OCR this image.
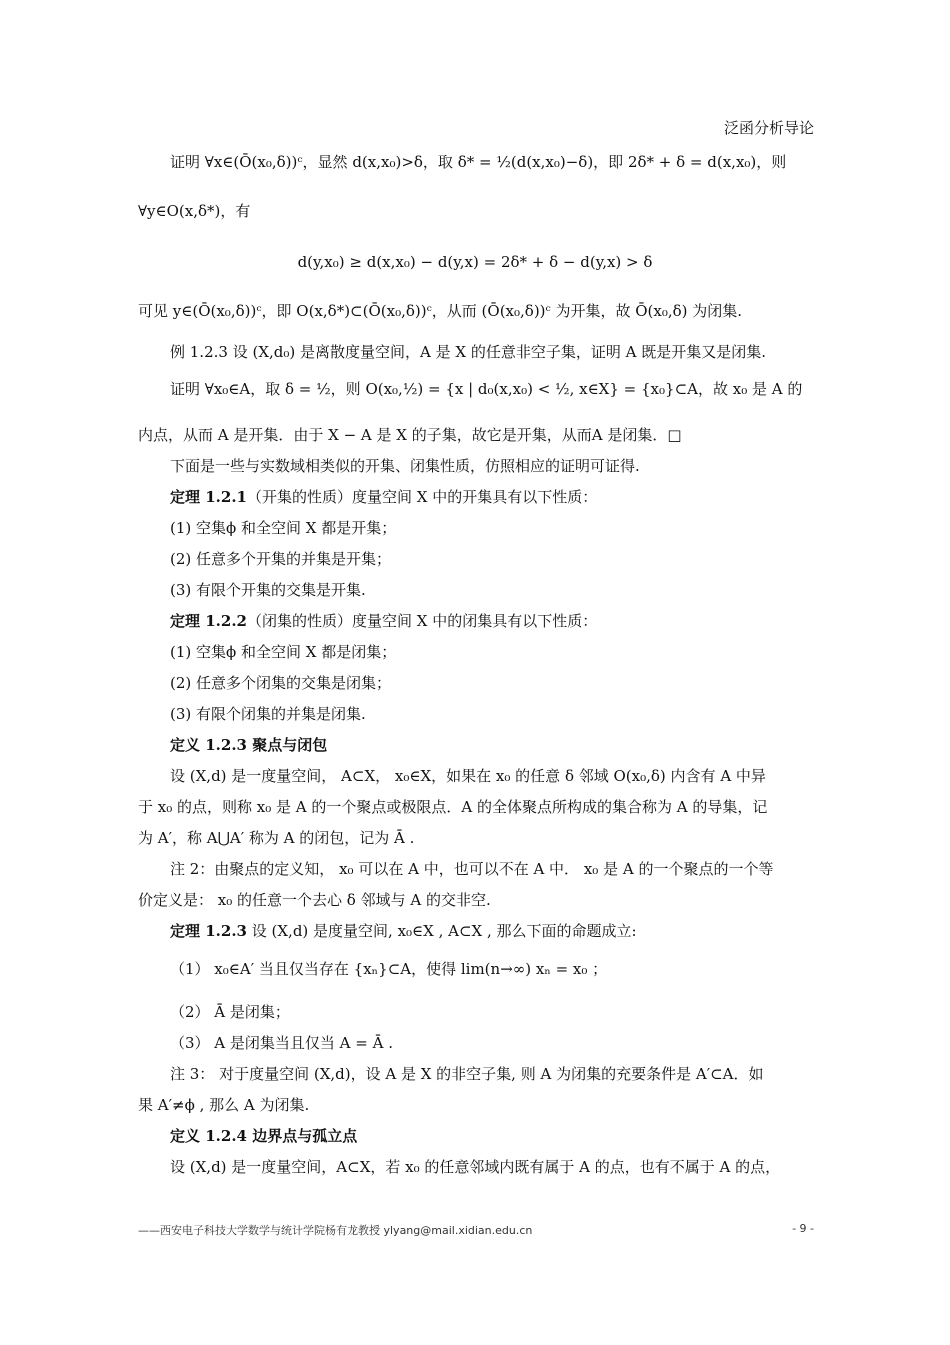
泛函分析导论
证明 ∀x∈(Ō(x₀,δ))ᶜ，显然 d(x,x₀)>δ，取 δ* = ½(d(x,x₀)−δ)，即 2δ* + δ = d(x,x₀)，则
∀y∈O(x,δ*)，有
d(y,x₀) ≥ d(x,x₀) − d(y,x) = 2δ* + δ − d(y,x) > δ
可见 y∈(Ō(x₀,δ))ᶜ，即 O(x,δ*)⊂(Ō(x₀,δ))ᶜ，从而 (Ō(x₀,δ))ᶜ 为开集，故 Ō(x₀,δ) 为闭集.
例 1.2.3 设 (X,d₀) 是离散度量空间，A 是 X 的任意非空子集，证明 A 既是开集又是闭集.
证明 ∀x₀∈A，取 δ = ½，则 O(x₀,½) = {x | d₀(x,x₀) < ½, x∈X} = {x₀}⊂A，故 x₀ 是 A 的
内点，从而 A 是开集．由于 X − A 是 X 的子集，故它是开集，从而A 是闭集．□
下面是一些与实数域相类似的开集、闭集性质，仿照相应的证明可证得.
定理 1.2.1（开集的性质）度量空间 X 中的开集具有以下性质：
(1) 空集ϕ 和全空间 X 都是开集；
(2) 任意多个开集的并集是开集；
(3) 有限个开集的交集是开集.
定理 1.2.2（闭集的性质）度量空间 X 中的闭集具有以下性质：
(1) 空集ϕ 和全空间 X 都是闭集；
(2) 任意多个闭集的交集是闭集；
(3) 有限个闭集的并集是闭集.
定义 1.2.3 聚点与闭包
设 (X,d) 是一度量空间， A⊂X， x₀∈X，如果在 x₀ 的任意 δ 邻域 O(x₀,δ) 内含有 A 中异
于 x₀ 的点，则称 x₀ 是 A 的一个聚点或极限点．A 的全体聚点所构成的集合称为 A 的导集，记
为 A′，称 A⋃A′ 称为 A 的闭包，记为 Ā .
注 2：由聚点的定义知， x₀ 可以在 A 中，也可以不在 A 中． x₀ 是 A 的一个聚点的一个等
价定义是： x₀ 的任意一个去心 δ 邻域与 A 的交非空.
定理 1.2.3 设 (X,d) 是度量空间, x₀∈X , A⊂X , 那么下面的命题成立:
（1） x₀∈A′ 当且仅当存在 {xₙ}⊂A，使得 lim(n→∞) xₙ = x₀ ；
（2） Ā 是闭集；
（3） A 是闭集当且仅当 A = Ā .
注 3： 对于度量空间 (X,d)，设 A 是 X 的非空子集, 则 A 为闭集的充要条件是 A′⊂A．如
果 A′≠ϕ , 那么 A 为闭集.
定义 1.2.4 边界点与孤立点
设 (X,d) 是一度量空间，A⊂X，若 x₀ 的任意邻域内既有属于 A 的点，也有不属于 A 的点，
——西安电子科技大学数学与统计学院杨有龙教授 ylyang@mail.xidian.edu.cn	- 9 -
